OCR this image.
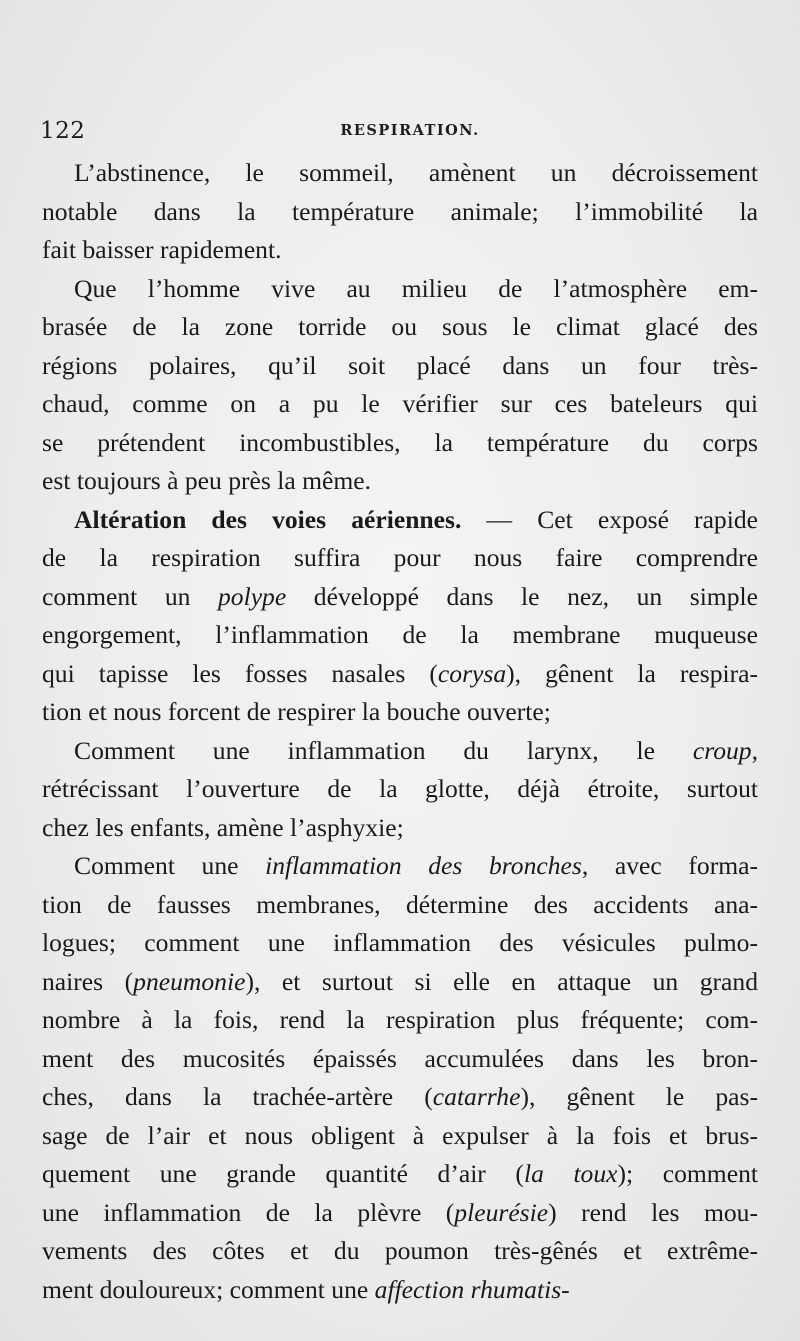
122	RESPIRATION.
L’abstinence, le sommeil, amènent un décroissement
notable dans la température animale; l’immobilité la
fait baisser rapidement.
Que l’homme vive au milieu de l’atmosphère em-
brasée de la zone torride ou sous le climat glacé des
régions polaires, qu’il soit placé dans un four très-
chaud, comme on a pu le vérifier sur ces bateleurs qui
se prétendent incombustibles, la température du corps
est toujours à peu près la même.
Altération des voies aériennes. — Cet exposé rapide
de la respiration suffira pour nous faire comprendre
comment un polype développé dans le nez, un simple
engorgement, l’inflammation de la membrane muqueuse
qui tapisse les fosses nasales (corysa), gênent la respira-
tion et nous forcent de respirer la bouche ouverte;
Comment une inflammation du larynx, le croup,
rétrécissant l’ouverture de la glotte, déjà étroite, surtout
chez les enfants, amène l’asphyxie;
Comment une inflammation des bronches, avec forma-
tion de fausses membranes, détermine des accidents ana-
logues; comment une inflammation des vésicules pulmo-
naires (pneumonie), et surtout si elle en attaque un grand
nombre à la fois, rend la respiration plus fréquente; com-
ment des mucosités épaissés accumulées dans les bron-
ches, dans la trachée-artère (catarrhe), gênent le pas-
sage de l’air et nous obligent à expulser à la fois et brus-
quement une grande quantité d’air (la toux); comment
une inflammation de la plèvre (pleurésie) rend les mou-
vements des côtes et du poumon très-gênés et extrême-
ment douloureux; comment une affection rhumatis-
